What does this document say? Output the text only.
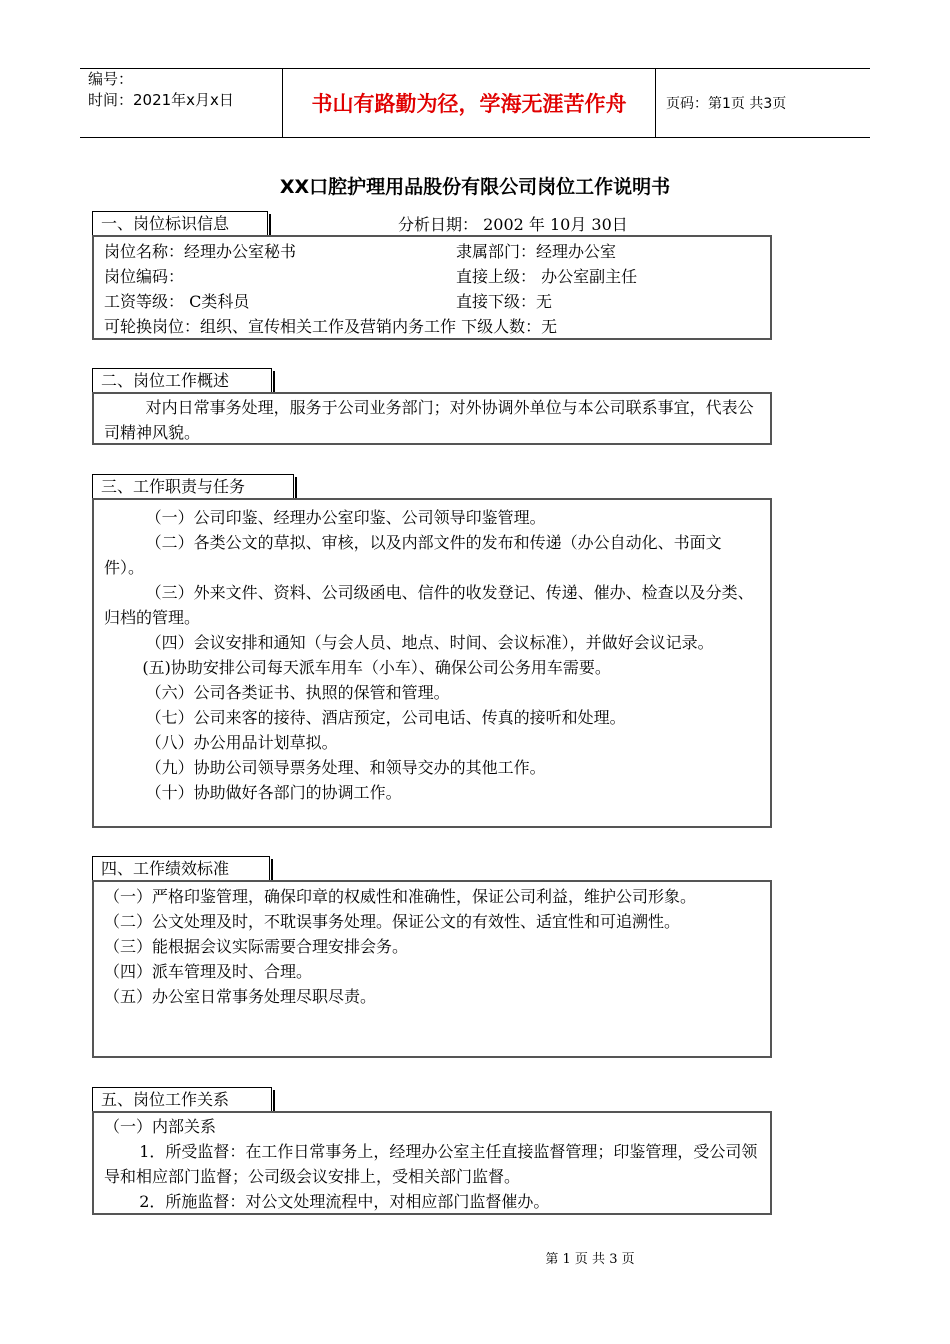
编号：
时间：2021年x月x日	书山有路勤为径，学海无涯苦作舟	页码：第1页 共3页
XX口腔护理用品股份有限公司岗位工作说明书
一、岗位标识信息	分析日期： 2002 年 10月 30日
岗位名称：经理办公室秘书	隶属部门：经理办公室
岗位编码：	直接上级： 办公室副主任
工资等级： C类科员	直接下级：无
可轮换岗位：组织、宣传相关工作及营销内务工作 下级人数：无
二、岗位工作概述

对内日常事务处理，服务于公司业务部门；对外协调外单位与本公司联系事宜，代表公司精神风貌。

三、工作职责与任务

（一）公司印鉴、经理办公室印鉴、公司领导印鉴管理。

（二）各类公文的草拟、审核，以及内部文件的发布和传递（办公自动化、书面文件）。

（三）外来文件、资料、公司级函电、信件的收发登记、传递、催办、检查以及分类、归档的管理。

（四）会议安排和通知（与会人员、地点、时间、会议标准），并做好会议记录。

(五)协助安排公司每天派车用车（小车）、确保公司公务用车需要。

（六）公司各类证书、执照的保管和管理。

（七）公司来客的接待、酒店预定，公司电话、传真的接听和处理。

（八）办公用品计划草拟。

（九）协助公司领导票务处理、和领导交办的其他工作。

（十）协助做好各部门的协调工作。

四、工作绩效标准

（一）严格印鉴管理，确保印章的权威性和准确性，保证公司利益，维护公司形象。

（二）公文处理及时，不耽误事务处理。保证公文的有效性、适宜性和可追溯性。

（三）能根据会议实际需要合理安排会务。

（四）派车管理及时、合理。

（五）办公室日常事务处理尽职尽责。

五、岗位工作关系

（一）内部关系

1．所受监督：在工作日常事务上，经理办公室主任直接监督管理；印鉴管理，受公司领导和相应部门监督；公司级会议安排上，受相关部门监督。

2．所施监督：对公文处理流程中，对相应部门监督催办。

第 1 页 共 3 页
